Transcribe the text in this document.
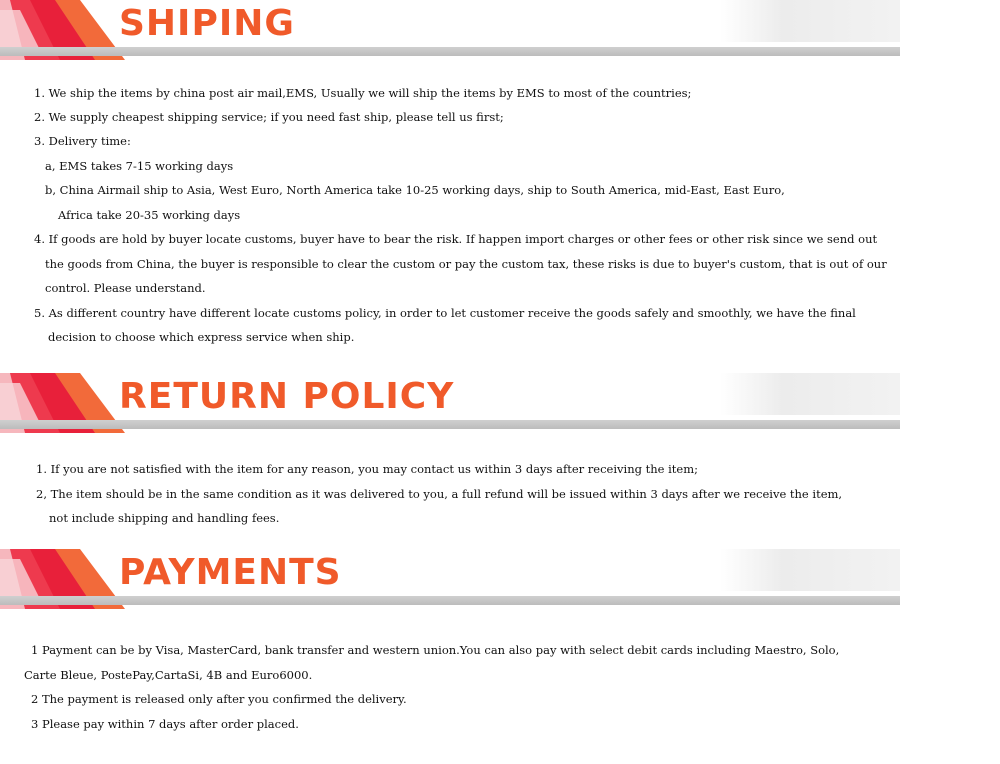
SHIPING
1. We ship the items by china post air mail,EMS, Usually we will ship the items by EMS to most of the countries;
2. We supply cheapest shipping service; if you need fast ship, please tell us first;
3. Delivery time:
a, EMS takes 7-15 working days
b, China Airmail ship to Asia, West Euro, North America take 10-25 working days, ship to South America, mid-East, East Euro,
Africa take 20-35 working days
4. If goods are hold by buyer locate customs, buyer have to bear the risk. If happen import charges or other fees or other risk since we send out
the goods from China, the buyer is responsible to clear the custom or pay the custom tax, these risks is due to buyer's custom, that is out of our
control. Please understand.
5. As different country have different locate customs policy, in order to let customer receive the goods safely and smoothly, we have the final
decision to choose which express service when ship.
RETURN POLICY
1. If you are not satisfied with the item for any reason, you may contact us within 3 days after receiving the item;
2, The item should be in the same condition as it was delivered to you, a full refund will be issued within 3 days after we receive the item,
not include shipping and handling fees.
PAYMENTS
1 Payment can be by Visa, MasterCard, bank transfer and western union.You can also pay with select debit cards including Maestro, Solo,
Carte Bleue, PostePay,CartaSi, 4B and Euro6000.
2 The payment is released only after you confirmed the delivery.
3 Please pay within 7 days after order placed.
